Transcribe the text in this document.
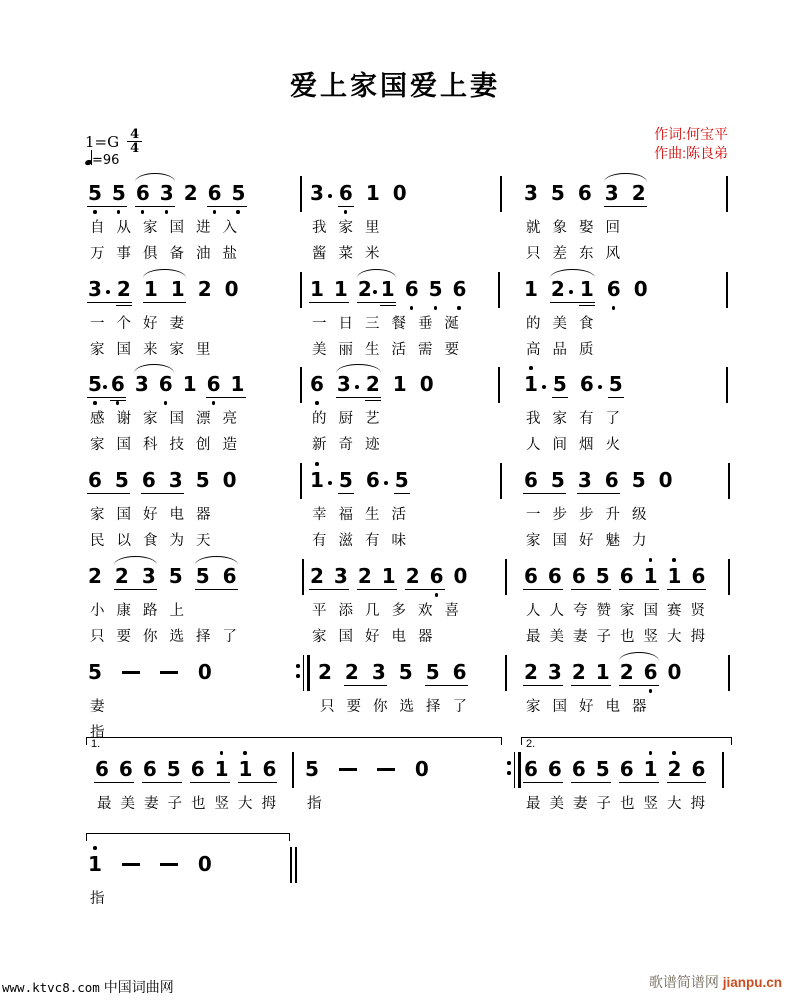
爱上家国爱上妻
$1=G \frac{4}{4}$
=96
作词:何宝平
作曲:陈良弟
5 5 6 3 2 6 5
自 从 家 国 进 入
万 事 俱 备 油 盐
3 6 1 0
我 家 里
酱 菜 米
3 5 6 3 2
就 象 娶 回
只 差 东 风
3 2 1 1 2 0
一 个 好 妻
家 国 来 家 里
1 1 2 1 6 5 6
一 日 三 餐 垂 涎
美 丽 生 活 需 要
1 2 1 6 0
的 美 食
高 品 质
5 6 3 6 1 6 1
感 谢 家 国 漂 亮
家 国 科 技 创 造
6 3 2 1 0
的 厨 艺
新 奇 迹
1 5 6 5
我 家 有 了
人 间 烟 火
6 5 6 3 5 0
家 国 好 电 器
民 以 食 为 天
1 5 6 5
幸 福 生 活
有 滋 有 味
6 5 3 6 5 0
一 步 步 升 级
家 国 好 魅 力
2 2 3 5 5 6
小 康 路 上
只 要 你 选 择 了
2 3 2 1 2 6 0
平 添 几 多 欢 喜
家 国 好 电 器
6 6 6 5 6 1 1 6
人 人 夸 赞 家 国 赛 贤
最 美 妻 子 也 竖 大 拇
5	0
妻
指
2 2 3 5 5 6
只 要 你 选 择 了
2 3 2 1 2 6 0
家 国 好 电 器
6 6 6 5 6 1 1 6
最 美 妻 子 也 竖 大 拇
5	0
指
6 6 6 5 6 1 2 6
最 美 妻 子 也 竖 大 拇
1	0
指
1.	2.
www.ktvc8.com 中国词曲网	歌谱简谱网 jianpu.cn
